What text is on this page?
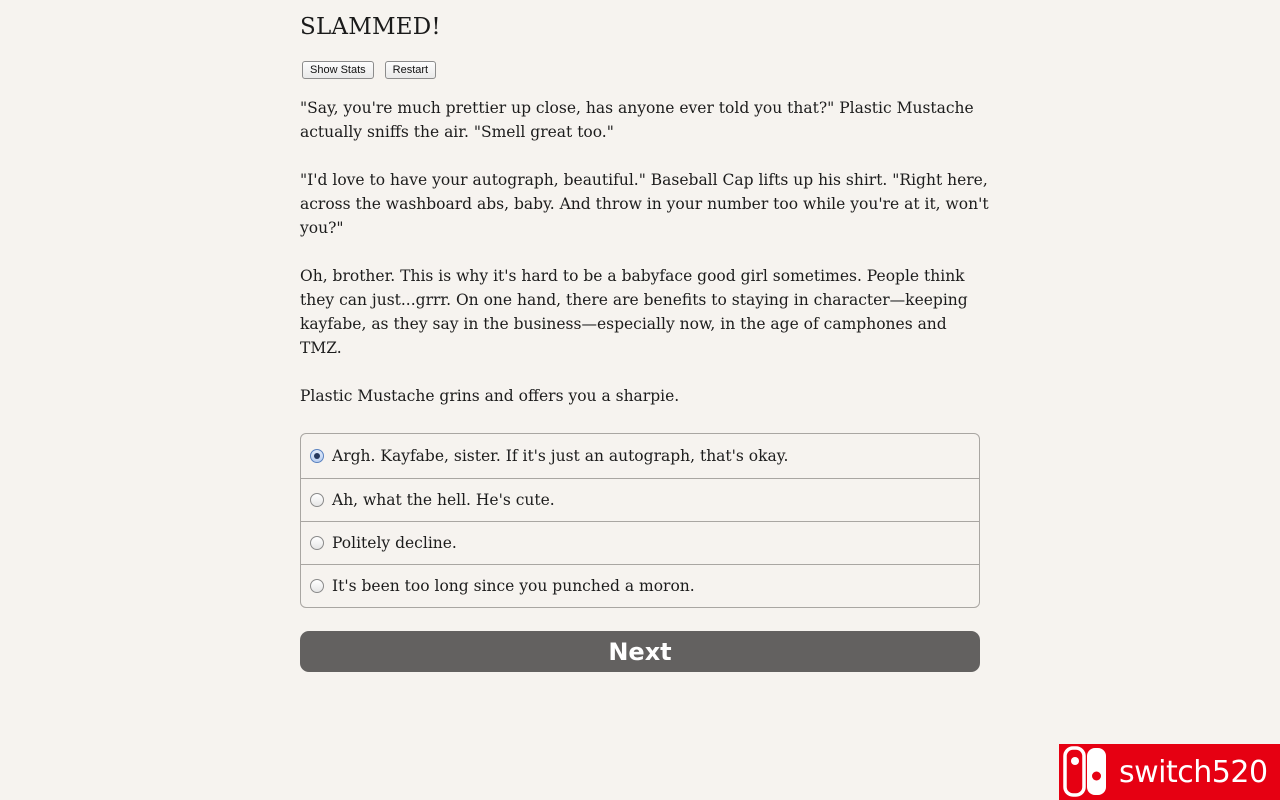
SLAMMED!
Show Stats	Restart

"Say, you're much prettier up close, has anyone ever told you that?" Plastic Mustache actually sniffs the air. "Smell great too."

"I'd love to have your autograph, beautiful." Baseball Cap lifts up his shirt. "Right here, across the washboard abs, baby. And throw in your number too while you're at it, won't you?"

Oh, brother. This is why it's hard to be a babyface good girl sometimes. People think they can just...grrr. On one hand, there are benefits to staying in character—keeping kayfabe, as they say in the business—especially now, in the age of camphones and TMZ.

Plastic Mustache grins and offers you a sharpie.

Argh. Kayfabe, sister. If it's just an autograph, that's okay.
Ah, what the hell. He's cute.
Politely decline.
It's been too long since you punched a moron.
Next
switch520
